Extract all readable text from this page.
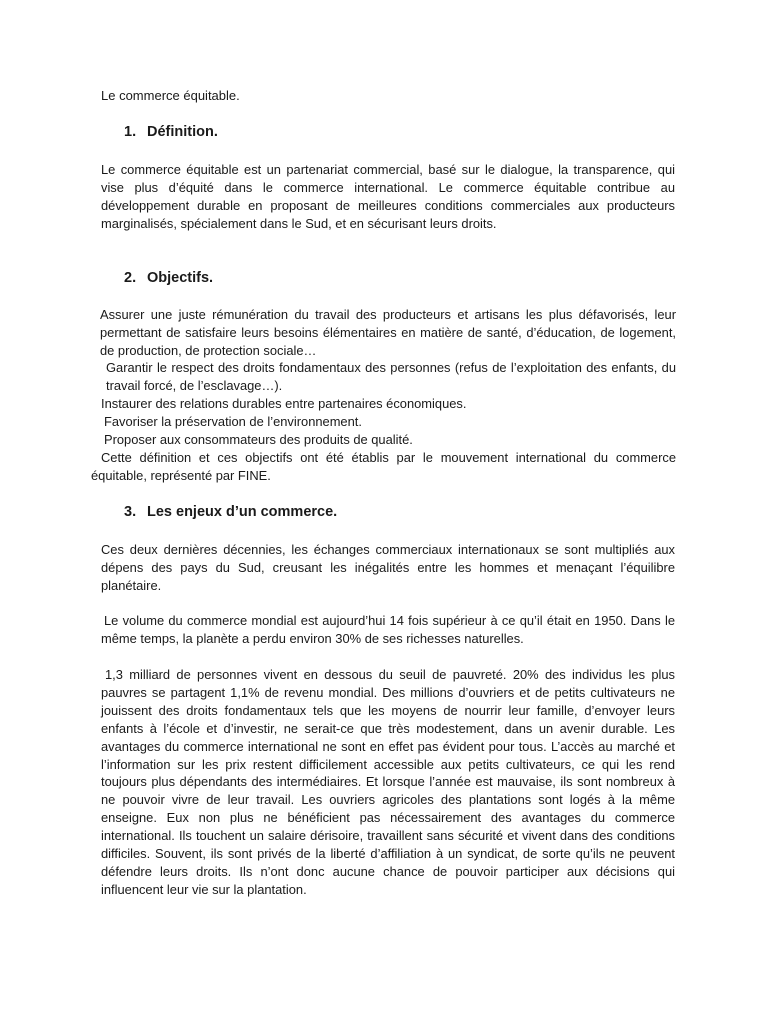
Le commerce équitable.
1. Définition.

Le commerce équitable est un partenariat commercial, basé sur le dialogue, la transparence, qui vise plus d’équité dans le commerce international. Le commerce équitable contribue au développement durable en proposant de meilleures conditions commerciales aux producteurs marginalisés, spécialement dans le Sud, et en sécurisant leurs droits.

2. Objectifs.

Assurer une juste rémunération du travail des producteurs et artisans les plus défavorisés, leur permettant de satisfaire leurs besoins élémentaires en matière de santé, d’éducation, de logement, de production, de protection sociale…

Garantir le respect des droits fondamentaux des personnes (refus de l’exploitation des enfants, du travail forcé, de l’esclavage…).

Instaurer des relations durables entre partenaires économiques.

Favoriser la préservation de l’environnement.

Proposer aux consommateurs des produits de qualité.

Cette définition et ces objectifs ont été établis par le mouvement international du commerce équitable, représenté par FINE.

3. Les enjeux d’un commerce.

Ces deux dernières décennies, les échanges commerciaux internationaux se sont multipliés aux dépens des pays du Sud, creusant les inégalités entre les hommes et menaçant l’équilibre planétaire.

Le volume du commerce mondial est aujourd’hui 14 fois supérieur à ce qu’il était en 1950. Dans le même temps, la planète a perdu environ 30% de ses richesses naturelles.

1,3 milliard de personnes vivent en dessous du seuil de pauvreté. 20% des individus les plus pauvres se partagent 1,1% de revenu mondial. Des millions d’ouvriers et de petits cultivateurs ne jouissent des droits fondamentaux tels que les moyens de nourrir leur famille, d’envoyer leurs enfants à l’école et d’investir, ne serait-ce que très modestement, dans un avenir durable. Les avantages du commerce international ne sont en effet pas évident pour tous. L’accès au marché et l’information sur les prix restent difficilement accessible aux petits cultivateurs, ce qui les rend toujours plus dépendants des intermédiaires. Et lorsque l’année est mauvaise, ils sont nombreux à ne pouvoir vivre de leur travail. Les ouvriers agricoles des plantations sont logés à la même enseigne. Eux non plus ne bénéficient pas nécessairement des avantages du commerce international. Ils touchent un salaire dérisoire, travaillent sans sécurité et vivent dans des conditions difficiles. Souvent, ils sont privés de la liberté d’affiliation à un syndicat, de sorte qu’ils ne peuvent défendre leurs droits. Ils n’ont donc aucune chance de pouvoir participer aux décisions qui influencent leur vie sur la plantation.
